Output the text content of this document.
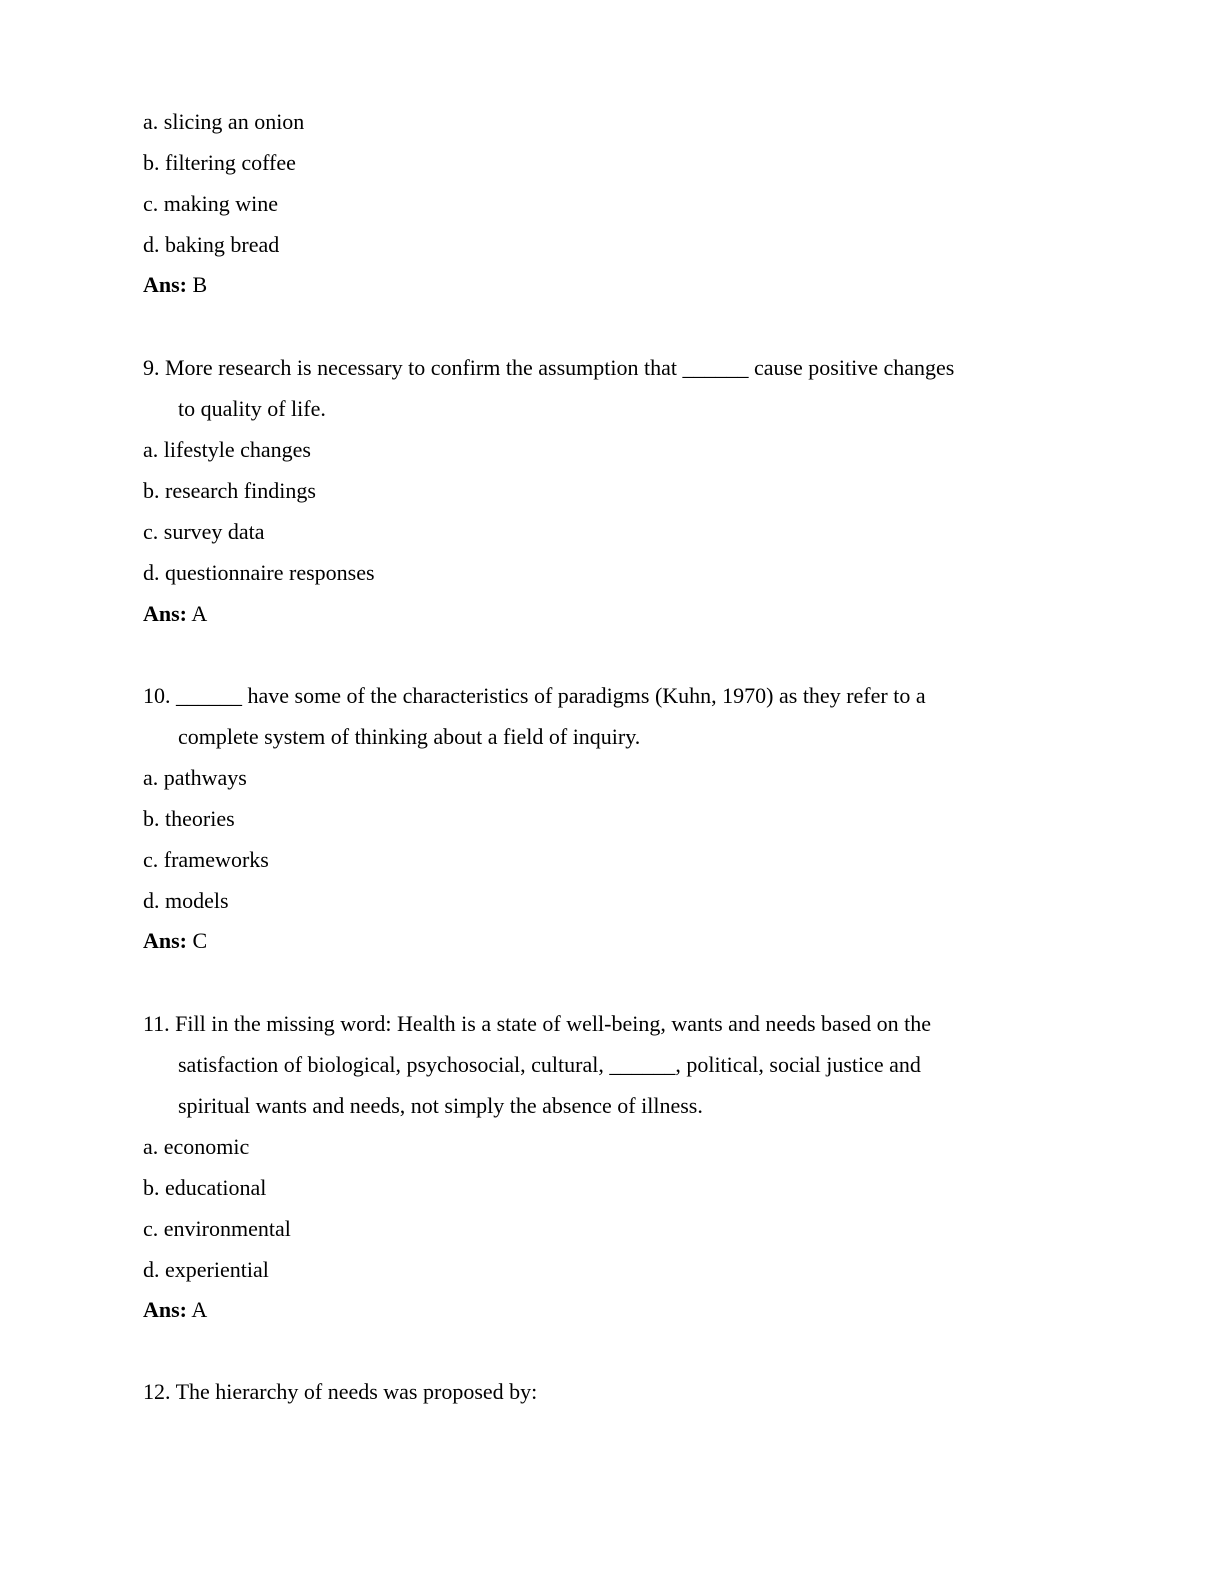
a. slicing an onion
b. filtering coffee
c. making wine
d. baking bread
Ans: B
9. More research is necessary to confirm the assumption that ______ cause positive changes
to quality of life.
a. lifestyle changes
b. research findings
c. survey data
d. questionnaire responses
Ans: A
10. ______ have some of the characteristics of paradigms (Kuhn, 1970) as they refer to a
complete system of thinking about a field of inquiry.
a. pathways
b. theories
c. frameworks
d. models
Ans: C
11. Fill in the missing word: Health is a state of well-being, wants and needs based on the
satisfaction of biological, psychosocial, cultural, ______, political, social justice and
spiritual wants and needs, not simply the absence of illness.
a. economic
b. educational
c. environmental
d. experiential
Ans: A
12. The hierarchy of needs was proposed by:
